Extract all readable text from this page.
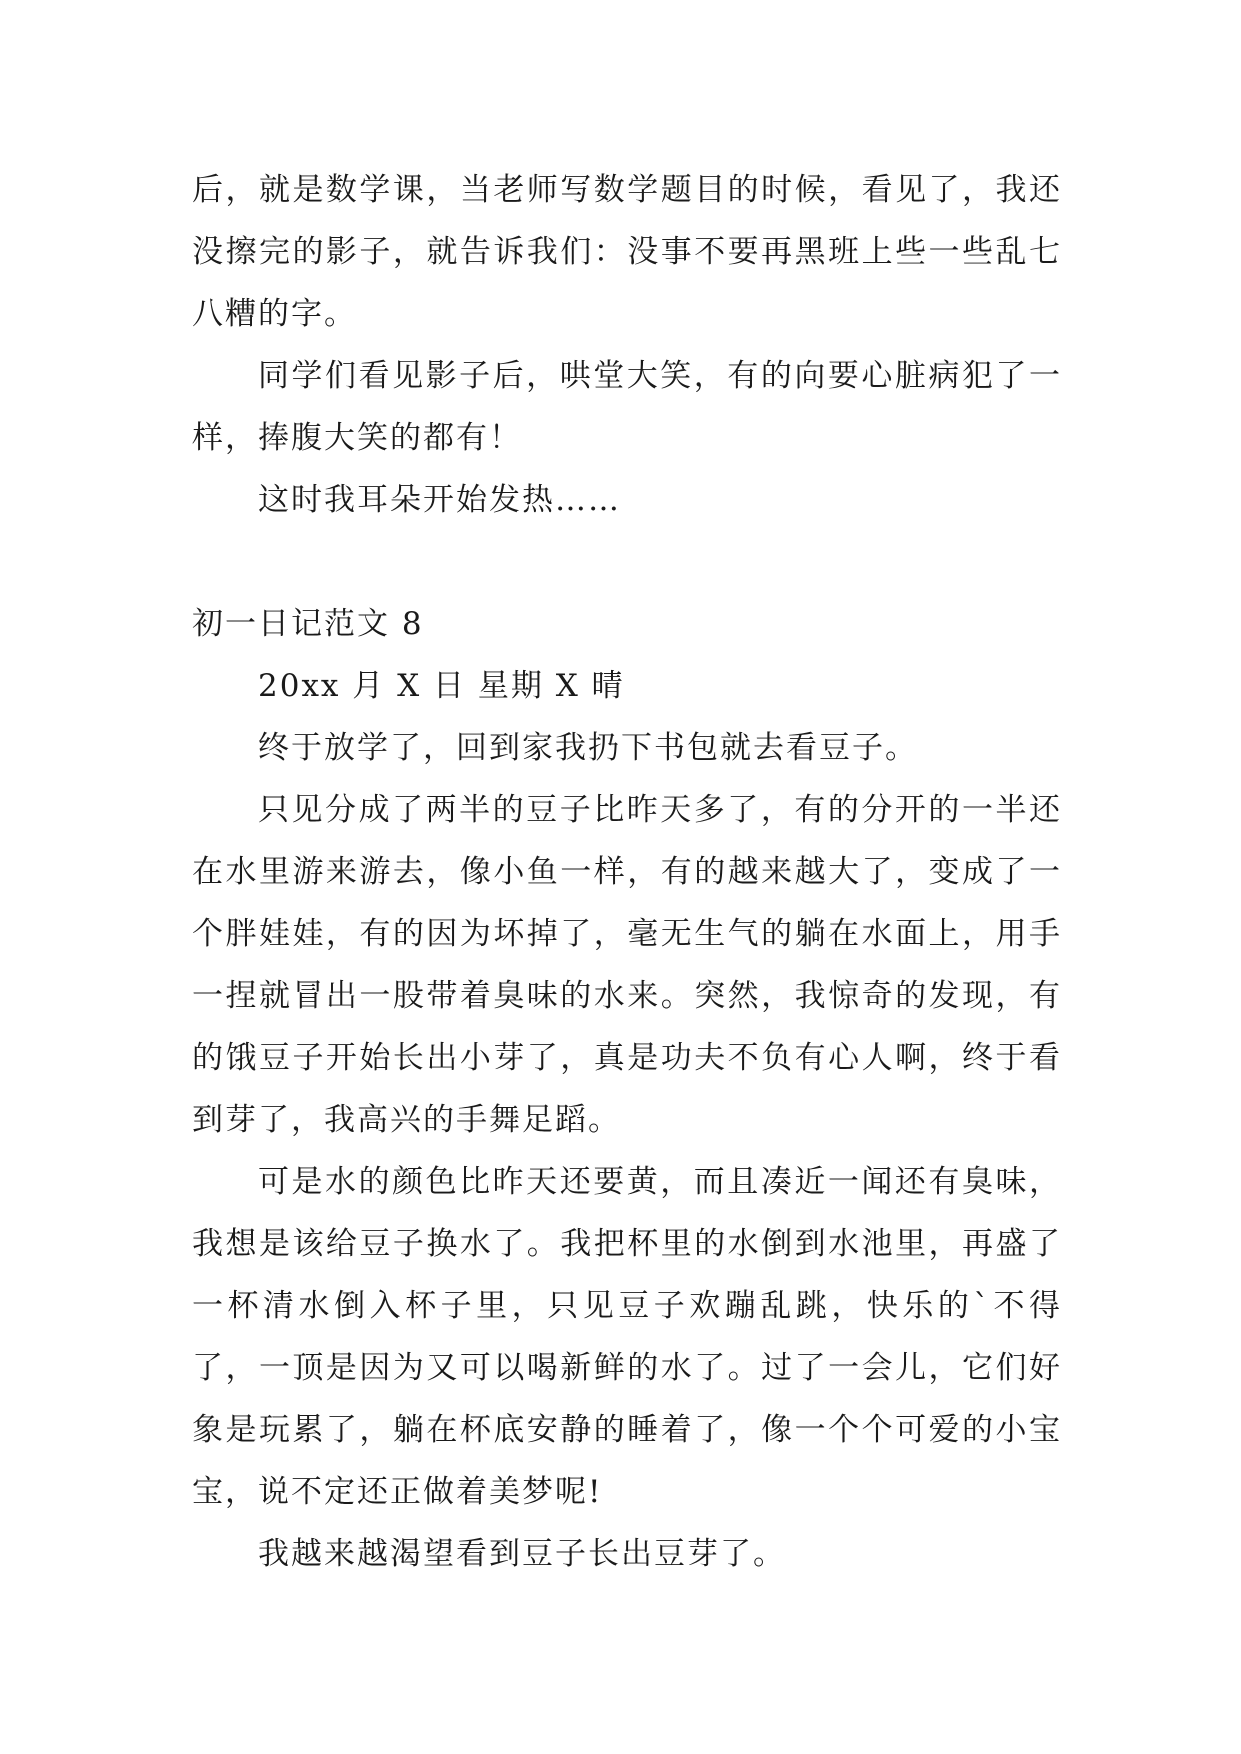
后，就是数学课，当老师写数学题目的时候，看见了，我还没擦完的影子，就告诉我们：没事不要再黑班上些一些乱七八糟的字。

同学们看见影子后，哄堂大笑，有的向要心脏病犯了一样，捧腹大笑的都有！

这时我耳朵开始发热……

初一日记范文 8

20xx 月 X 日 星期 X 晴

终于放学了，回到家我扔下书包就去看豆子。

只见分成了两半的豆子比昨天多了，有的分开的一半还在水里游来游去，像小鱼一样，有的越来越大了，变成了一个胖娃娃，有的因为坏掉了，毫无生气的躺在水面上，用手一捏就冒出一股带着臭味的水来。突然，我惊奇的发现，有的饿豆子开始长出小芽了，真是功夫不负有心人啊，终于看到芽了，我高兴的手舞足蹈。

可是水的颜色比昨天还要黄，而且凑近一闻还有臭味，我想是该给豆子换水了。我把杯里的水倒到水池里，再盛了一杯清水倒入杯子里，只见豆子欢蹦乱跳，快乐的`不得了，一顶是因为又可以喝新鲜的水了。过了一会儿，它们好象是玩累了，躺在杯底安静的睡着了，像一个个可爱的小宝宝，说不定还正做着美梦呢!

我越来越渴望看到豆子长出豆芽了。
